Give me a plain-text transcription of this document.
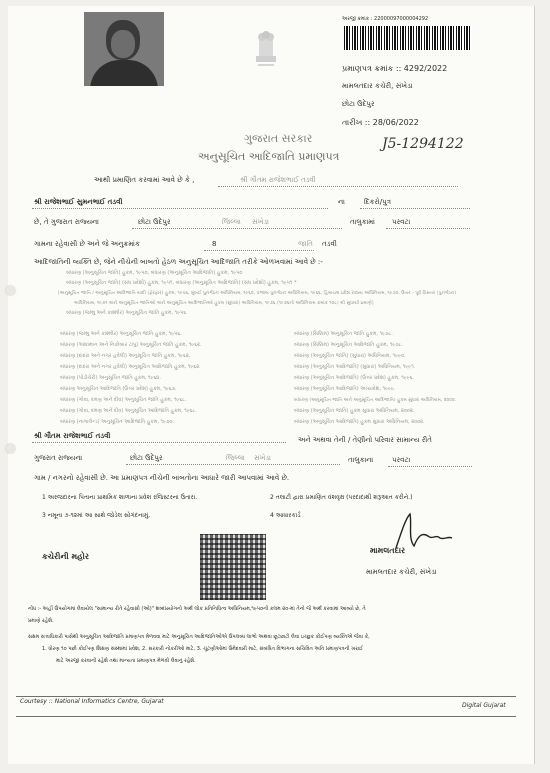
અરજી ક્રમાંક : 22000097000004292
પ્રમાણપત્ર ક્રમાંક :: 4292/2022
મામલતદાર કચેરી, સંખેડા
છોટા ઉદેપુર
તારીખ :: 28/06/2022
J5-1294122
ગુજરાત સરકાર
અનુસૂચિત આદિજાતિ પ્રમાણપત્ર
આથી પ્રમાણિત કરવામાં આવે છે કે ,	શ્રી ગૌતમ રાજેશભાઈ તડવી
શ્રી રાજેશભાઈ સુમનભાઈ તડવી	ના	દિકરો/પુત્ર
છે, તે ગુજરાત રાજ્યના	છોટા ઉદેપુર	જિલ્લા સંખેડા	તાલુકામાં પરવટા
ગામના રહેવાસી છે અને જે અનુક્રમાંક	8	જાતિ તડવી
આદિજાતિની વ્યક્તિ છે, જેને નીચેની બાબતો હેઠળ અનુસૂચિત આદિજાતિ તરીકે ઓળખવામાં આવે છે :-
બંધારણ (અનુસૂચિત જાતિ) હુકમ, ૧૯૫૦, બંધારણ (અનુસૂચિત આદિજાતિ) હુકમ, ૧૯૫૦
બંધારણ (અનુસૂચિત જાતિ) (સંઘ પ્રદેશો) હુકમ, ૧૯૫૧, બંધારણ (અનુસૂચિત આદિજાતિ) (સંઘ પ્રદેશો) હુકમ, ૧૯૫૧ *
[અનુસૂચિત જાતિ / અનુસૂચિત આદિજાતિ યાદી (ફેરફાર) હુકમ, ૧૯૫૬, મુંબઈ પુનર્ગઠન અધિનિયમ, ૧૯૬૦, પંજાબ પુનર્ગઠન અધિનિયમ, ૧૯૬૬, હિમાચલ પ્રદેશ રાજ્ય અધિનિયમ, ૧૯૭૦, ઉત્તર - પૂર્વ વિસ્તાર (પુનર્ગઠન)
અધિનિયમ, ૧૯૭૧ અને અનુસૂચિત જાતિઓ અને અનુસૂચિત આદિજાતિઓ હુકમ (સુધારા) અધિનિયમ, ૧૯૭૬ (૧૯૭૬નો અધિનિયમ ક્રમાંક ૧૦૮) થી સુધાર્યા પ્રમાણે]
બંધારણ (જમ્મુ અને કાશ્મીર) અનુસૂચિત જાતિ હુકમ, ૧૯૫૬
બંધારણ (જમ્મુ અને કાશ્મીર) અનુસૂચિત જાતિ હુકમ, ૧૯૫૬.
બંધારણ (આંદામાન અને નિકોબાર ટાપુ) અનુસૂચિત જાતિ હુકમ, ૧૯૬૨.
બંધારણ (દાદરા અને નગર હવેલી) અનુસૂચિત જાતિ હુકમ, ૧૯૬૨.
બંધારણ (દાદરા અને નગર હવેલી) અનુસૂચિત આદિજાતિ હુકમ, ૧૯૬૨.
બંધારણ (પોંડીચેરી) અનુસૂચિત જાતિ હુકમ, ૧૯૬૪.
બંધારણ અનુસૂચિત આદિજાતિ (ઉત્તર પ્રદેશ) હુકમ, ૧૯૬૭.
બંધારણ (ગોવા, દમણ અને દીવ) અનુસૂચિત જાતિ હુકમ, ૧૯૬૮.
બંધારણ (ગોવા, દમણ અને દીવ) અનુસૂચિત આદિજાતિ હુકમ, ૧૯૬૮.
બંધારણ (નાગાલેન્ડ) અનુસૂચિત આદિજાતિ હુકમ, ૧૯૭૦.
બંધારણ (સિક્કિમ) અનુસૂચિત જાતિ હુકમ, ૧૯૭૮.
બંધારણ (સિક્કિમ) અનુસૂચિત આદિજાતિ હુકમ, ૧૯૭૮.
બંધારણ (અનુસૂચિત જાતિ) (સુધારા) અધિનિયમ, ૧૯૯૦.
બંધારણ (અનુસૂચિત આદિજાતિ) (સુધારા) અધિનિયમ, ૧૯૯૧.
બંધારણ (અનુસૂચિત આદિજાતિ) (ઉત્તર પ્રદેશ) હુકમ, ૧૯૯૬.
બંધારણ (અનુસૂચિત આદિજાતિ) અધ્યાદેશ, ૧૯૯૯.
બંધારણ (અનુસૂચિત જાતિ અને અનુસૂચિત આદિજાતિ) હુકમ સુધારા અધિનિયમ, ૨૦૦૨.
બંધારણ (અનુસૂચિત જાતિ) હુકમ સુધારા અધિનિયમ, ૨૦૦૨.
બંધારણ (અનુસૂચિત આદિજાતિ) હુકમ સુધારા અધિનિયમ, ૨૦૦૨.
શ્રી ગૌતમ રાજેશભાઈ તડવી	અને અથવા તેની / તેણીનો પરિવાર સામાન્ય રીતે
ગુજરાત રાજ્યના	છોટા ઉદેપુર	જિલ્લા સંખેડા	તાલુકાના	પરવટા
ગામ / નગરનો રહેવાસી છે. આ પ્રમાણપત્ર નીચેની બાબતોના આધારે જારી આપવામાં આવે છે.
1 અરજદારના પિતાના પ્રાથમિક શાળાના પ્રવેશ રજિસ્ટરના ઉતારા.	2 તલાટી દ્વારા પ્રમાણિત વંશવૃક્ષ (પરદાદાથી શરૂઆત કરીને.)
3 નમૂના ૭-૧૨માં આ સાથે જોડેલ સોગંદનામું.	4 આધારકાર્ડ
કચેરીની મહોર
મામલતદાર
મામલતદાર કચેરી, સંખેડા
નોંધ :- અહીં ઉપયોગમાં લેવાયેલ "સામાન્ય રીતે રહેવાસી (ઓ)" શબ્દપ્રયોગનો અર્થ લોક પ્રતિનિધિત્વ અધિનિયમ,૧૯૫૦ની કલમ ૨૦-માં તેનો જે અર્થ કરવામાં આવ્યો છે, તે
પ્રમાણે રહેશે.
સક્ષમ સત્તાધિકારી પાસેથી અનુસૂચિત આદિજાતિ પ્રમાણપત્ર મેળવવા માટે અનુસૂચિત આદિજાતિઓએ ઉપલબ્ધ લાભો અથવા છૂટછાટો લેવા ઇચ્છુક કોઈપણ વ્યક્તિએ જેવા કે,
1. ધોરણ ૧૦ પછી કોઈપણ શિક્ષણ સંસ્થામાં પ્રવેશ, 2. સરકારી નોકરીઓ માટે, 3. ચૂંટણીઓમાં ઉમેદવારી માટે, સંબંધિત વિભાગના સચિવિત અતિ પ્રમાણપત્રની ખરાઈ
માટે અરજી કરવાની રહેશે તથા માન્યતા પ્રમાણપત્ર મેળવી લેવાનું રહેશે.
Courtesy :: National Informatics Centre, Gujarat
Digital Gujarat
